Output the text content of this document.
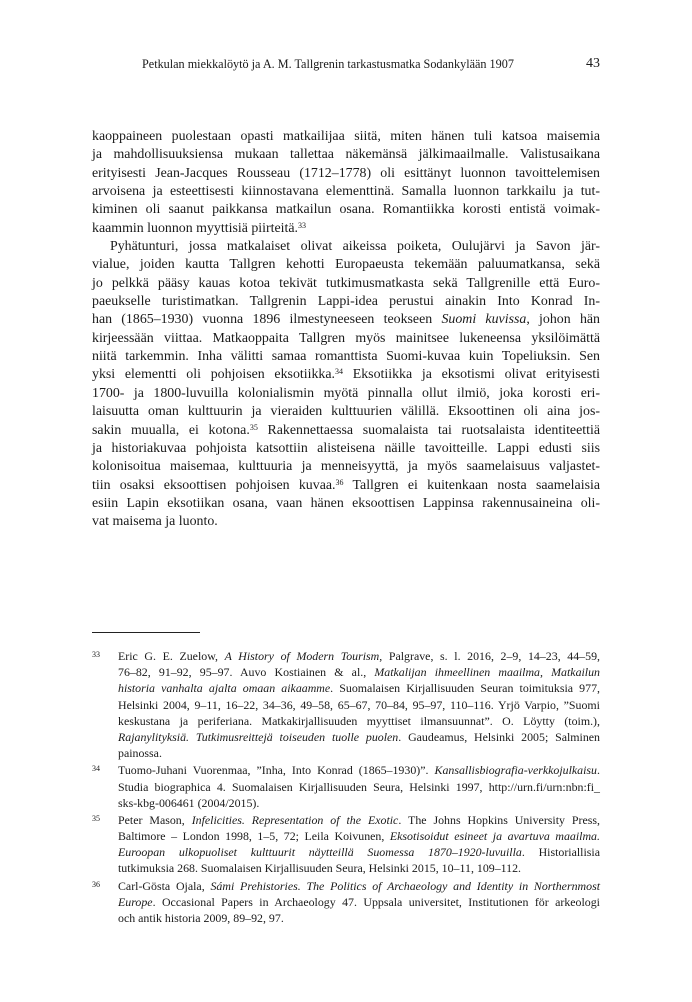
Petkulan miekkalöytö ja A. M. Tallgrenin tarkastusmatka Sodankylään 1907	43
kaoppaineen puolestaan opasti matkailijaa siitä, miten hänen tuli katsoa maisemia
ja mahdollisuuksiensa mukaan tallettaa näkemänsä jälkimaailmalle. Valistusaikana
erityisesti Jean-Jacques Rousseau (1712–1778) oli esittänyt luonnon tavoittelemisen
arvoisena ja esteettisesti kiinnostavana elementtinä. Samalla luonnon tarkkailu ja tut-
kiminen oli saanut paikkansa matkailun osana. Romantiikka korosti entistä voimak-
kaammin luonnon myyttisiä piirteitä.$^{33}$
Pyhätunturi, jossa matkalaiset olivat aikeissa poiketa, Oulujärvi ja Savon jär-
vialue, joiden kautta Tallgren kehotti Europaeusta tekemään paluumatkansa, sekä
jo pelkkä pääsy kauas kotoa tekivät tutkimusmatkasta sekä Tallgrenille että Euro-
paeukselle turistimatkan. Tallgrenin Lappi-idea perustui ainakin Into Konrad In-
han (1865–1930) vuonna 1896 ilmestyneeseen teokseen Suomi kuvissa, johon hän
kirjeessään viittaa. Matkaoppaita Tallgren myös mainitsee lukeneensa yksilöimättä
niitä tarkemmin. Inha välitti samaa romanttista Suomi-kuvaa kuin Topeliuksin. Sen
yksi elementti oli pohjoisen eksotiikka.$^{34}$ Eksotiikka ja eksotismi olivat erityisesti
1700- ja 1800-luvuilla kolonialismin myötä pinnalla ollut ilmiö, joka korosti eri-
laisuutta oman kulttuurin ja vieraiden kulttuurien välillä. Eksoottinen oli aina jos-
sakin muualla, ei kotona.$^{35}$ Rakennettaessa suomalaista tai ruotsalaista identiteettiä
ja historiakuvaa pohjoista katsottiin alisteisena näille tavoitteille. Lappi edusti siis
kolonisoituа maisemaa, kulttuuria ja menneisyyttä, ja myös saamelaisuus valjastet-
tiin osaksi eksoottisen pohjoisen kuvaa.$^{36}$ Tallgren ei kuitenkaan nosta saamelaisia
esiin Lapin eksotiikan osana, vaan hänen eksoottisen Lappinsa rakennusaineina oli-
vat maisema ja luonto.
33 Eric G. E. Zuelow, A History of Modern Tourism, Palgrave, s. l. 2016, 2–9, 14–23, 44–59,
76–82, 91–92, 95–97. Auvo Kostiainen & al., Matkalijan ihmeellinen maailma, Matkailun
historia vanhalta ajalta omaan aikaamme. Suomalaisen Kirjallisuuden Seuran toimituksia 977,
Helsinki 2004, 9–11, 16–22, 34–36, 49–58, 65–67, 70–84, 95–97, 110–116. Yrjö Varpio, ”Suomi
keskustana ja periferiana. Matkakirjallisuuden myyttiset ilmansuunnat”. O. Löytty (toim.),
Rajanylityksiä. Tutkimusreittejä toiseuden tuolle puolen. Gaudeamus, Helsinki 2005; Salminen
painossa.
34 Tuomo-Juhani Vuorenmaa, ”Inha, Into Konrad (1865–1930)”. Kansallisbiografia-verkkojulkaisu.
Studia biographica 4. Suomalaisen Kirjallisuuden Seura, Helsinki 1997, http://urn.fi/urn:nbn:fi_
sks-kbg-006461 (2004/2015).
35 Peter Mason, Infelicities. Representation of the Exotic. The Johns Hopkins University Press,
Baltimore – London 1998, 1–5, 72; Leila Koivunen, Eksotisoidut esineet ja avartuva maailma.
Euroopan ulkopuoliset kulttuurit näytteillä Suomessa 1870–1920-luvuilla. Historiallisia
tutkimuksia 268. Suomalaisen Kirjallisuuden Seura, Helsinki 2015, 10–11, 109–112.
36 Carl-Gösta Ojala, Sámi Prehistories. The Politics of Archaeology and Identity in Northernmost
Europe. Occasional Papers in Archaeology 47. Uppsala universitet, Institutionen för arkeologi
och antik historia 2009, 89–92, 97.
